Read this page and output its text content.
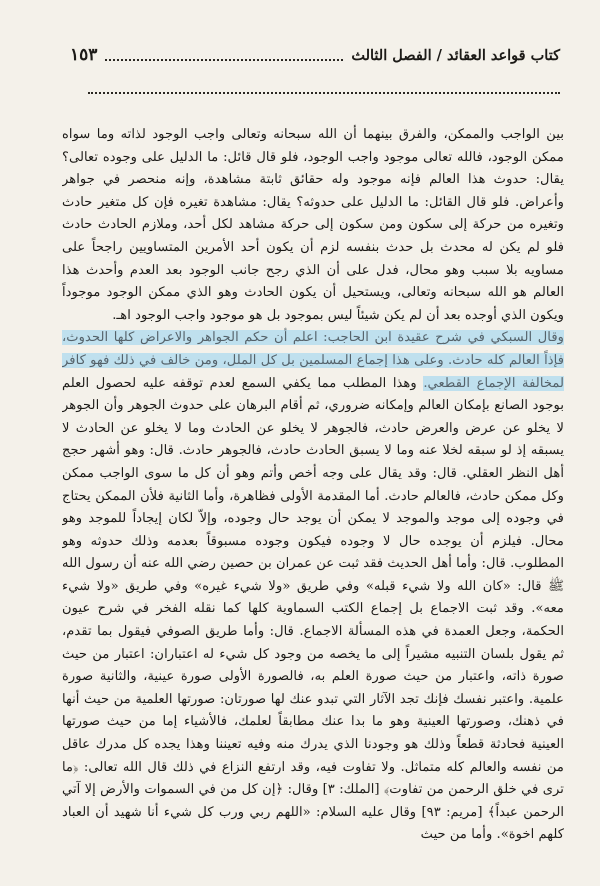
كتاب قواعد العقائد / الفصل الثالث
١٥٣

بين الواجب والممكن، والفرق بينهما أن الله سبحانه وتعالى واجب الوجود لذاته وما سواه ممكن الوجود، فالله تعالى موجود واجب الوجود، فلو قال قائل: ما الدليل على وجوده تعالى؟ يقال: حدوث هذا العالم فإنه موجود وله حقائق ثابتة مشاهدة، وإنه منحصر في جواهر وأعراض. فلو قال القائل: ما الدليل على حدوثه؟ يقال: مشاهدة تغيره فإن كل متغير حادث وتغيره من حركة إلى سكون ومن سكون إلى حركة مشاهد لكل أحد، وملازم الحادث حادث فلو لم يكن له محدث بل حدث بنفسه لزم أن يكون أحد الأمرين المتساويين راجحاً على مساويه بلا سبب وهو محال، فدل على أن الذي رجح جانب الوجود بعد العدم وأحدث هذا العالم هو الله سبحانه وتعالى، ويستحيل أن يكون الحادث وهو الذي ممكن الوجود موجوداً ويكون الذي أوجده بعد أن لم يكن شيئاً ليس بموجود بل هو موجود واجب الوجود اهـ.

وقال السبكي في شرح عقيدة ابن الحاجب: اعلم أن حكم الجواهر والاعراض كلها الحدوث، فإذاً العالم كله حادث. وعلى هذا إجماع المسلمين بل كل الملل، ومن خالف في ذلك فهو كافر لمخالفة الإجماع القطعي. وهذا المطلب مما يكفي السمع لعدم توقفه عليه لحصول العلم بوجود الصانع بإمكان العالم وإمكانه ضروري، ثم أقام البرهان على حدوث الجوهر وأن الجوهر لا يخلو عن عرض والعرض حادث، فالجوهر لا يخلو عن الحادث وما لا يخلو عن الحادث لا يسبقه إذ لو سبقه لخلا عنه وما لا يسبق الحادث حادث، فالجوهر حادث. قال: وهو أشهر حجج أهل النظر العقلي. قال: وقد يقال على وجه أخص وأتم وهو أن كل ما سوى الواجب ممكن وكل ممكن حادث، فالعالم حادث. أما المقدمة الأولى فظاهرة، وأما الثانية فلأن الممكن يحتاج في وجوده إلى موجد والموجد لا يمكن أن يوجد حال وجوده، وإلاّ لكان إيجاداً للموجد وهو محال. فيلزم أن يوجده حال لا وجوده فيكون وجوده مسبوقاً بعدمه وذلك حدوثه وهو المطلوب. قال: وأما أهل الحديث فقد ثبت عن عمران بن حصين رضي الله عنه أن رسول الله ﷺ قال: «كان الله ولا شيء قبله» وفي طريق «ولا شيء غيره» وفي طريق «ولا شيء معه». وقد ثبت الاجماع بل إجماع الكتب السماوية كلها كما نقله الفخر في شرح عيون الحكمة، وجعل العمدة في هذه المسألة الاجماع. قال: وأما طريق الصوفي فيقول بما تقدم، ثم يقول بلسان التنبيه مشيراً إلى ما يخصه من وجود كل شيء له اعتباران: اعتبار من حيث صورة ذاته، واعتبار من حيث صورة العلم به، فالصورة الأولى صورة عينية، والثانية صورة علمية. واعتبر نفسك فإنك تجد الآثار التي تبدو عنك لها صورتان: صورتها العلمية من حيث أنها في ذهنك، وصورتها العينية وهو ما بدا عنك مطابقاً لعلمك، فالأشياء إما من حيث صورتها العينية فحادثة قطعاً وذلك هو وجودنا الذي يدرك منه وفيه تعيننا وهذا يجده كل مدرك عاقل من نفسه والعالم كله متماثل. ولا تفاوت فيه، وقد ارتفع النزاع في ذلك قال الله تعالى: ﴿ما ترى في خلق الرحمن من تفاوت﴾ [الملك: ٣] وقال: ﴿إن كل من في السموات والأرض إلا آتي الرحمن عبداً﴾ [مريم: ٩٣] وقال عليه السلام: «اللهم ربي ورب كل شيء أنا شهيد أن العباد كلهم اخوة». وأما من حيث
